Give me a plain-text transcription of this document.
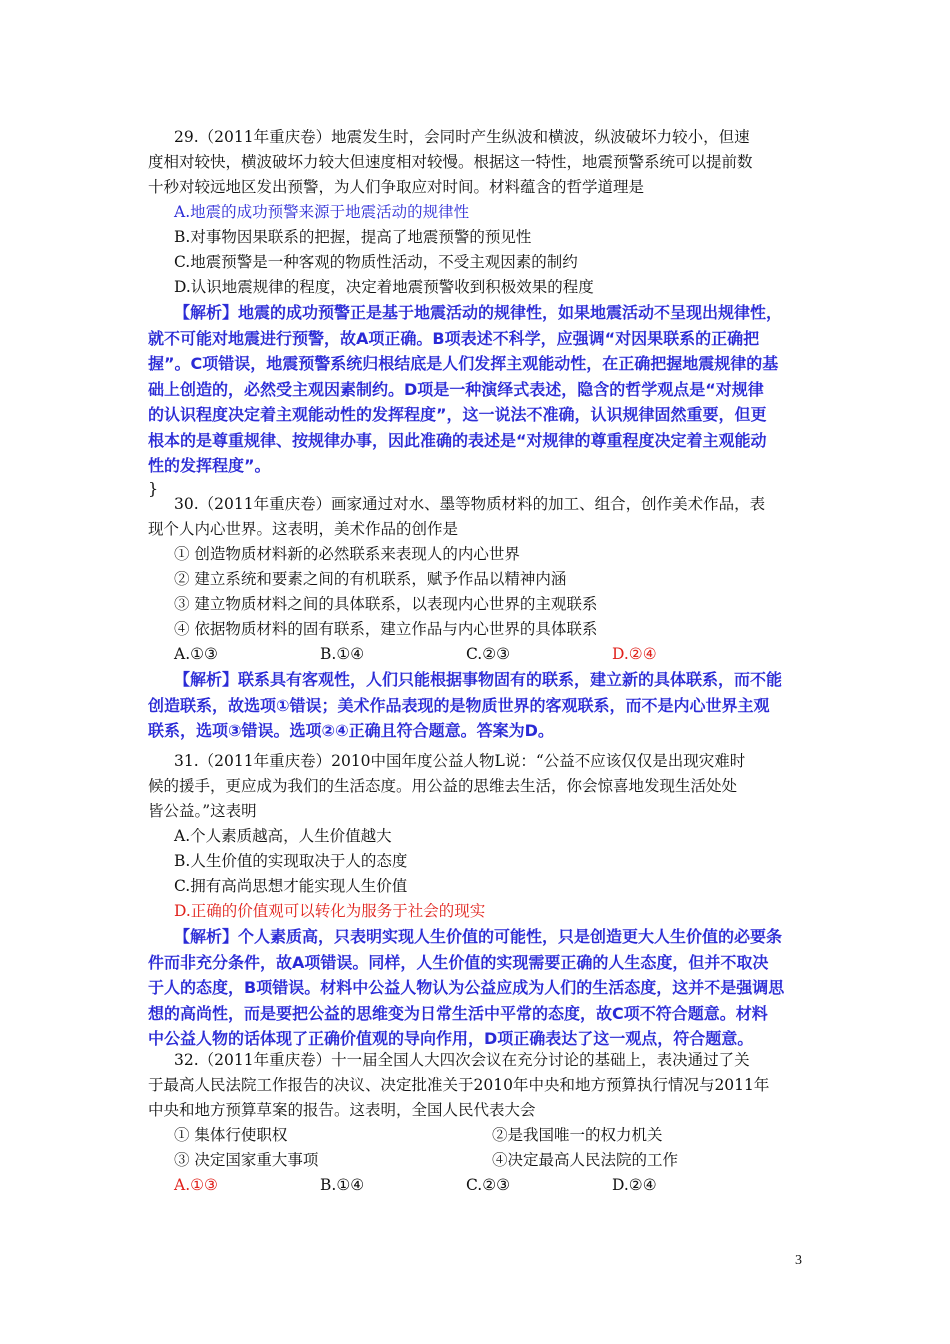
29.（2011年重庆卷）地震发生时，会同时产生纵波和横波，纵波破坏力较小，但速
度相对较快，横波破坏力较大但速度相对较慢。根据这一特性，地震预警系统可以提前数
十秒对较远地区发出预警，为人们争取应对时间。材料蕴含的哲学道理是
A.地震的成功预警来源于地震活动的规律性
B.对事物因果联系的把握，提高了地震预警的预见性
C.地震预警是一种客观的物质性活动，不受主观因素的制约
D.认识地震规律的程度，决定着地震预警收到积极效果的程度
【解析】地震的成功预警正是基于地震活动的规律性，如果地震活动不呈现出规律性，
就不可能对地震进行预警，故A项正确。B项表述不科学，应强调“对因果联系的正确把
握”。C项错误，地震预警系统归根结底是人们发挥主观能动性，在正确把握地震规律的基
础上创造的，必然受主观因素制约。D项是一种演绎式表述，隐含的哲学观点是“对规律
的认识程度决定着主观能动性的发挥程度”，这一说法不准确，认识规律固然重要，但更
根本的是尊重规律、按规律办事，因此准确的表述是“对规律的尊重程度决定着主观能动
性的发挥程度”。
}
30.（2011年重庆卷）画家通过对水、墨等物质材料的加工、组合，创作美术作品，表
现个人内心世界。这表明，美术作品的创作是
① 创造物质材料新的必然联系来表现人的内心世界
② 建立系统和要素之间的有机联系，赋予作品以精神内涵
③ 建立物质材料之间的具体联系，以表现内心世界的主观联系
④ 依据物质材料的固有联系，建立作品与内心世界的具体联系
A.①③	B.①④	C.②③	D.②④
【解析】联系具有客观性，人们只能根据事物固有的联系，建立新的具体联系，而不能
创造联系，故选项①错误；美术作品表现的是物质世界的客观联系，而不是内心世界主观
联系，选项③错误。选项②④正确且符合题意。答案为D。
31.（2011年重庆卷）2010中国年度公益人物L说：“公益不应该仅仅是出现灾难时
候的援手，更应成为我们的生活态度。用公益的思维去生活，你会惊喜地发现生活处处
皆公益。”这表明
A.个人素质越高，人生价值越大
B.人生价值的实现取决于人的态度
C.拥有高尚思想才能实现人生价值
D.正确的价值观可以转化为服务于社会的现实
【解析】个人素质高，只表明实现人生价值的可能性，只是创造更大人生价值的必要条
件而非充分条件，故A项错误。同样，人生价值的实现需要正确的人生态度，但并不取决
于人的态度，B项错误。材料中公益人物认为公益应成为人们的生活态度，这并不是强调思
想的高尚性，而是要把公益的思维变为日常生活中平常的态度，故C项不符合题意。材料
中公益人物的话体现了正确价值观的导向作用，D项正确表达了这一观点，符合题意。
32.（2011年重庆卷）十一届全国人大四次会议在充分讨论的基础上，表决通过了关
于最高人民法院工作报告的决议、决定批准关于2010年中央和地方预算执行情况与2011年
中央和地方预算草案的报告。这表明，全国人民代表大会
① 集体行使职权	②是我国唯一的权力机关
③ 决定国家重大事项	④决定最高人民法院的工作
A.①③	B.①④	C.②③	D.②④
3
